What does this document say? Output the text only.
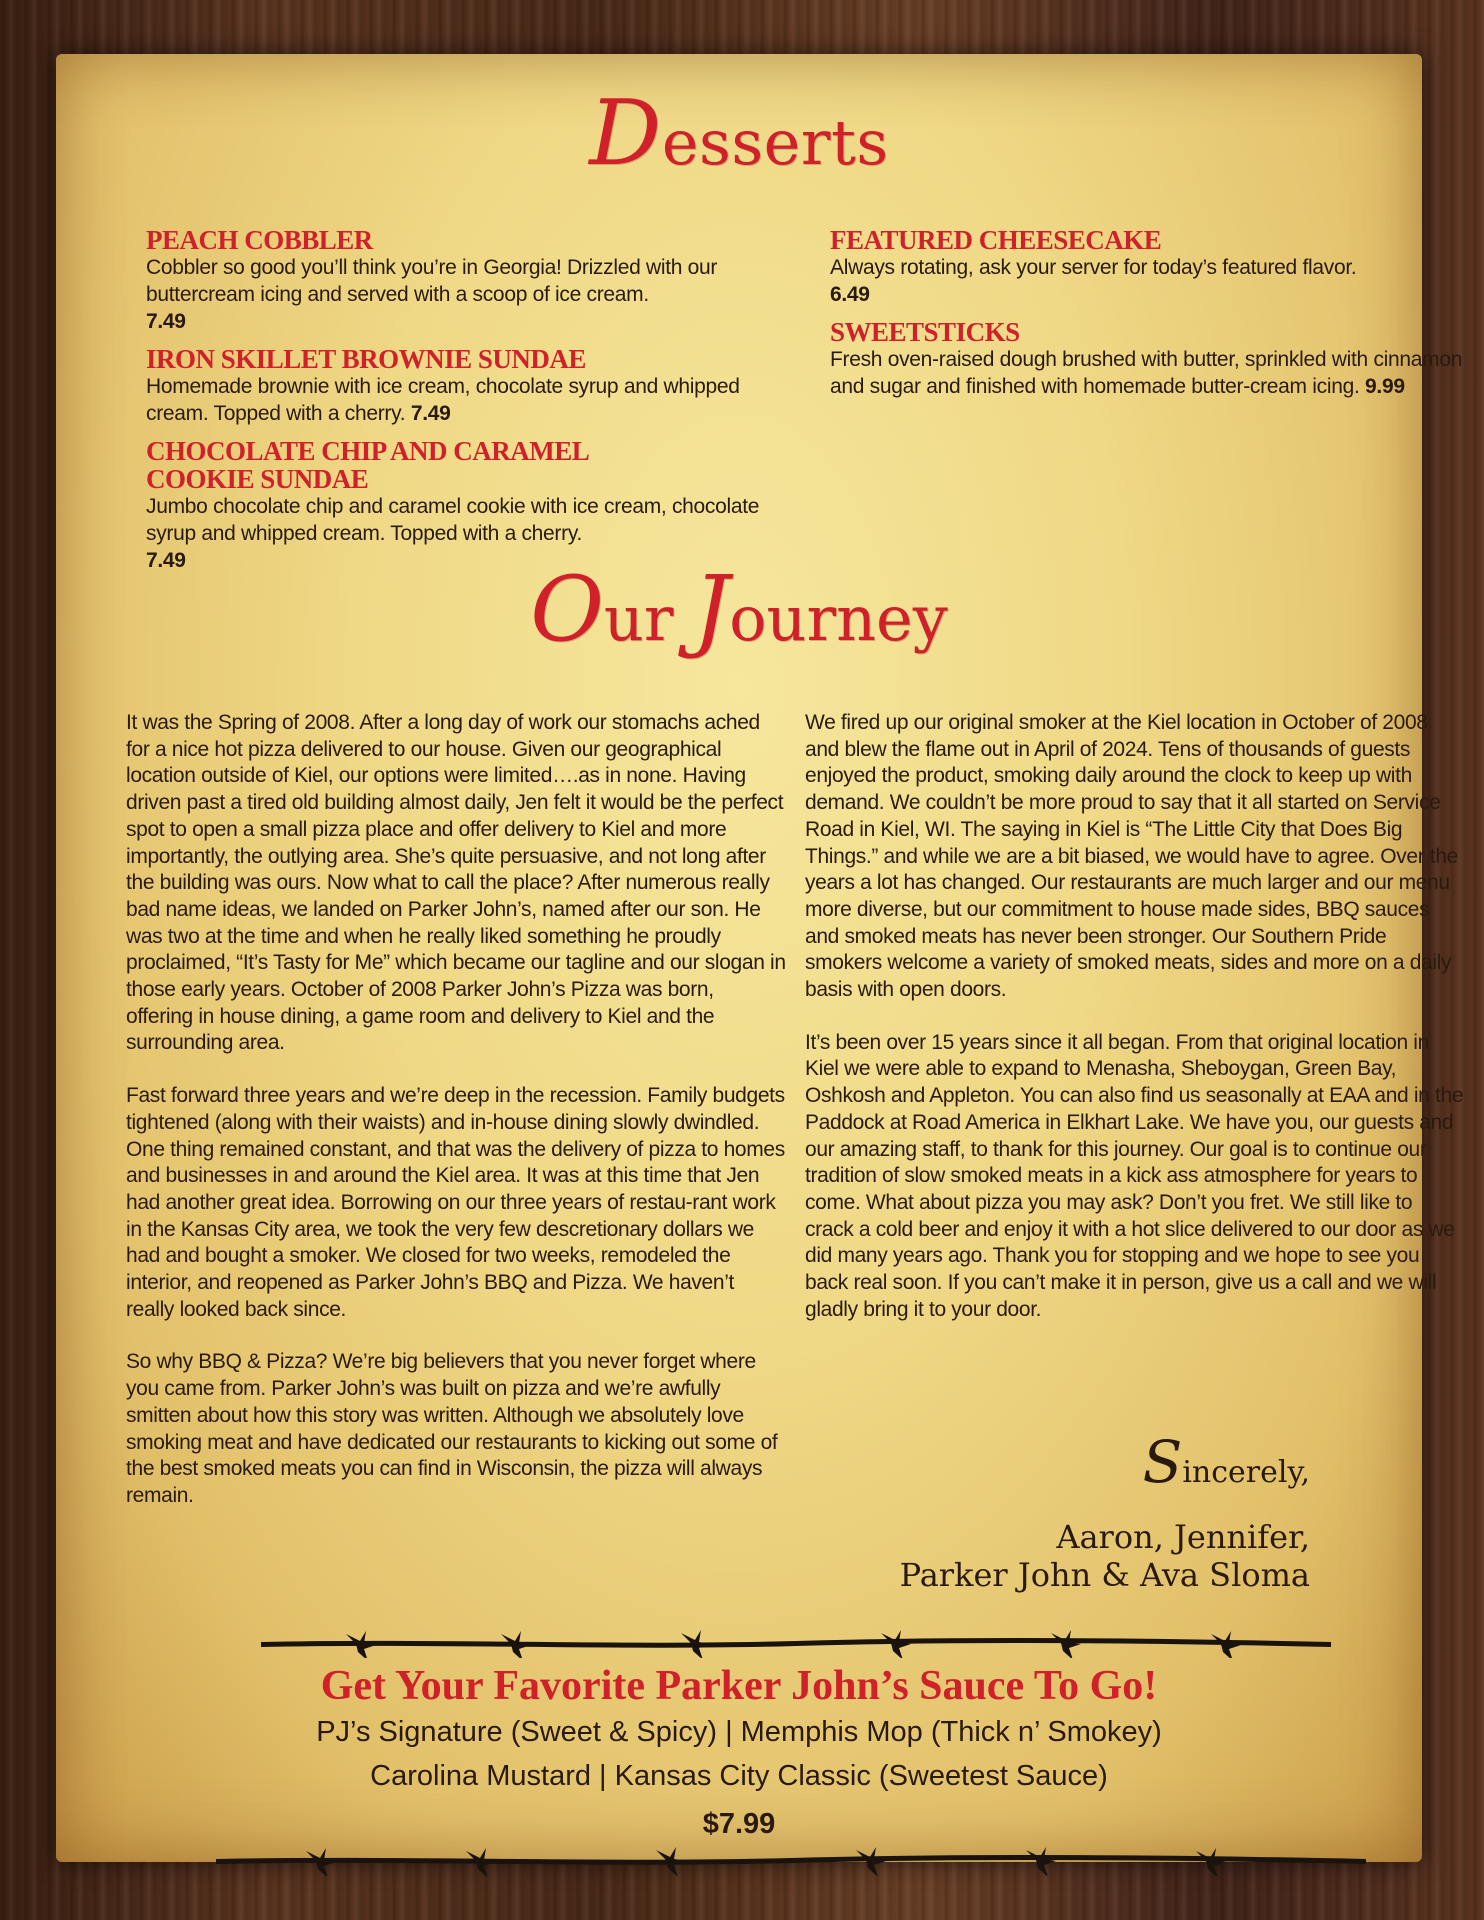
Desserts
PEACH COBBLER
Cobbler so good you’ll think you’re in Georgia! Drizzled with our buttercream icing and served with a scoop of ice cream.
7.49
IRON SKILLET BROWNIE SUNDAE
Homemade brownie with ice cream, chocolate syrup and whipped cream. Topped with a cherry. 7.49
CHOCOLATE CHIP AND CARAMEL
COOKIE SUNDAE
Jumbo chocolate chip and caramel cookie with ice cream, chocolate syrup and whipped cream. Topped with a cherry.
7.49
FEATURED CHEESECAKE
Always rotating, ask your server for today’s featured flavor.
6.49
SWEETSTICKS
Fresh oven-raised dough brushed with butter, sprinkled with cinnamon and sugar and finished with homemade butter-cream icing. 9.99
Our Journey

It was the Spring of 2008. After a long day of work our stomachs ached for a nice hot pizza delivered to our house. Given our geographical location outside of Kiel, our options were limited….as in none. Having driven past a tired old building almost daily, Jen felt it would be the perfect spot to open a small pizza place and offer delivery to Kiel and more importantly, the outlying area. She’s quite persuasive, and not long after the building was ours. Now what to call the place? After numerous really bad name ideas, we landed on Parker John’s, named after our son. He was two at the time and when he really liked something he proudly proclaimed, “It’s Tasty for Me” which became our tagline and our slogan in those early years. October of 2008 Parker John’s Pizza was born, offering in house dining, a game room and delivery to Kiel and the surrounding area.

Fast forward three years and we’re deep in the recession. Family budgets tightened (along with their waists) and in-house dining slowly dwindled. One thing remained constant, and that was the delivery of pizza to homes and businesses in and around the Kiel area. It was at this time that Jen had another great idea. Borrowing on our three years of restau-rant work in the Kansas City area, we took the very few descretionary dollars we had and bought a smoker. We closed for two weeks, remodeled the interior, and reopened as Parker John’s BBQ and Pizza. We haven’t really looked back since.

So why BBQ & Pizza? We’re big believers that you never forget where you came from. Parker John’s was built on pizza and we’re awfully smitten about how this story was written. Although we absolutely love smoking meat and have dedicated our restaurants to kicking out some of the best smoked meats you can find in Wisconsin, the pizza will always remain.

We fired up our original smoker at the Kiel location in October of 2008 and blew the flame out in April of 2024. Tens of thousands of guests enjoyed the product, smoking daily around the clock to keep up with demand. We couldn’t be more proud to say that it all started on Service Road in Kiel, WI. The saying in Kiel is “The Little City that Does Big Things.” and while we are a bit biased, we would have to agree. Over the years a lot has changed. Our restaurants are much larger and our menu more diverse, but our commitment to house made sides, BBQ sauces and smoked meats has never been stronger. Our Southern Pride smokers welcome a variety of smoked meats, sides and more on a daily basis with open doors.

It’s been over 15 years since it all began. From that original location in Kiel we were able to expand to Menasha, Sheboygan, Green Bay, Oshkosh and Appleton. You can also find us seasonally at EAA and in the Paddock at Road America in Elkhart Lake. We have you, our guests and our amazing staff, to thank for this journey. Our goal is to continue our tradition of slow smoked meats in a kick ass atmosphere for years to come. What about pizza you may ask? Don’t you fret. We still like to crack a cold beer and enjoy it with a hot slice delivered to our door as we did many years ago. Thank you for stopping and we hope to see you back real soon. If you can’t make it in person, give us a call and we will gladly bring it to your door.

Sincerely,
Aaron, Jennifer,
Parker John & Ava Sloma
Get Your Favorite Parker John’s Sauce To Go!
PJ’s Signature (Sweet & Spicy) | Memphis Mop (Thick n’ Smokey)
Carolina Mustard | Kansas City Classic (Sweetest Sauce)
$7.99
